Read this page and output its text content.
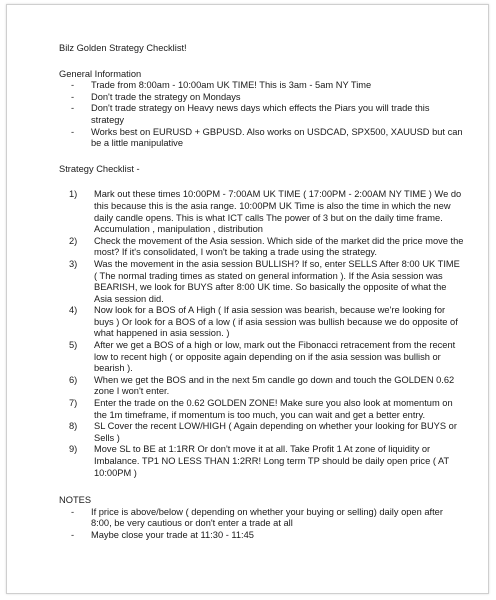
Bilz Golden Strategy Checklist!

General Information

- Trade from 8:00am - 10:00am UK TIME! This is 3am - 5am NY Time
- Don't trade the strategy on Mondays
- Don't trade strategy on Heavy news days which effects the Piars you will trade this strategy
- Works best on EURUSD + GBPUSD. Also works on USDCAD, SPX500, XAUUSD but can be a little manipulative

Strategy Checklist -

1) Mark out these times 10:00PM - 7:00AM UK TIME ( 17:00PM - 2:00AM NY TIME ) We do this because this is the asia range. 10:00PM UK Time is also the time in which the new daily candle opens. This is what ICT calls The power of 3 but on the daily time frame. Accumulation , manipulation , distribution
2) Check the movement of the Asia session. Which side of the market did the price move the most? If it's consolidated, I won't be taking a trade using the strategy.
3) Was the movement in the asia session BULLISH? If so, enter SELLS After 8:00 UK TIME ( The normal trading times as stated on general information ). If the Asia session was BEARISH, we look for BUYS after 8:00 UK time. So basically the opposite of what the Asia session did.
4) Now look for a BOS of A High ( If asia session was bearish, because we're looking for buys ) Or look for a BOS of a low ( if asia session was bullish because we do opposite of what happened in asia session. )
5) After we get a BOS of a high or low, mark out the Fibonacci retracement from the recent low to recent high ( or opposite again depending on if the asia session was bullish or bearish ).
6) When we get the BOS and in the next 5m candle go down and touch the GOLDEN 0.62 zone I won't enter.
7) Enter the trade on the 0.62 GOLDEN ZONE! Make sure you also look at momentum on the 1m timeframe, if momentum is too much, you can wait and get a better entry.
8) SL Cover the recent LOW/HIGH ( Again depending on whether your looking for BUYS or Sells )
9) Move SL to BE at 1:1RR Or don't move it at all. Take Profit 1 At zone of liquidity or Imbalance. TP1 NO LESS THAN 1:2RR! Long term TP should be daily open price ( AT 10:00PM )

NOTES

- If price is above/below ( depending on whether your buying or selling) daily open after 8:00, be very cautious or don't enter a trade at all
- Maybe close your trade at 11:30 - 11:45
